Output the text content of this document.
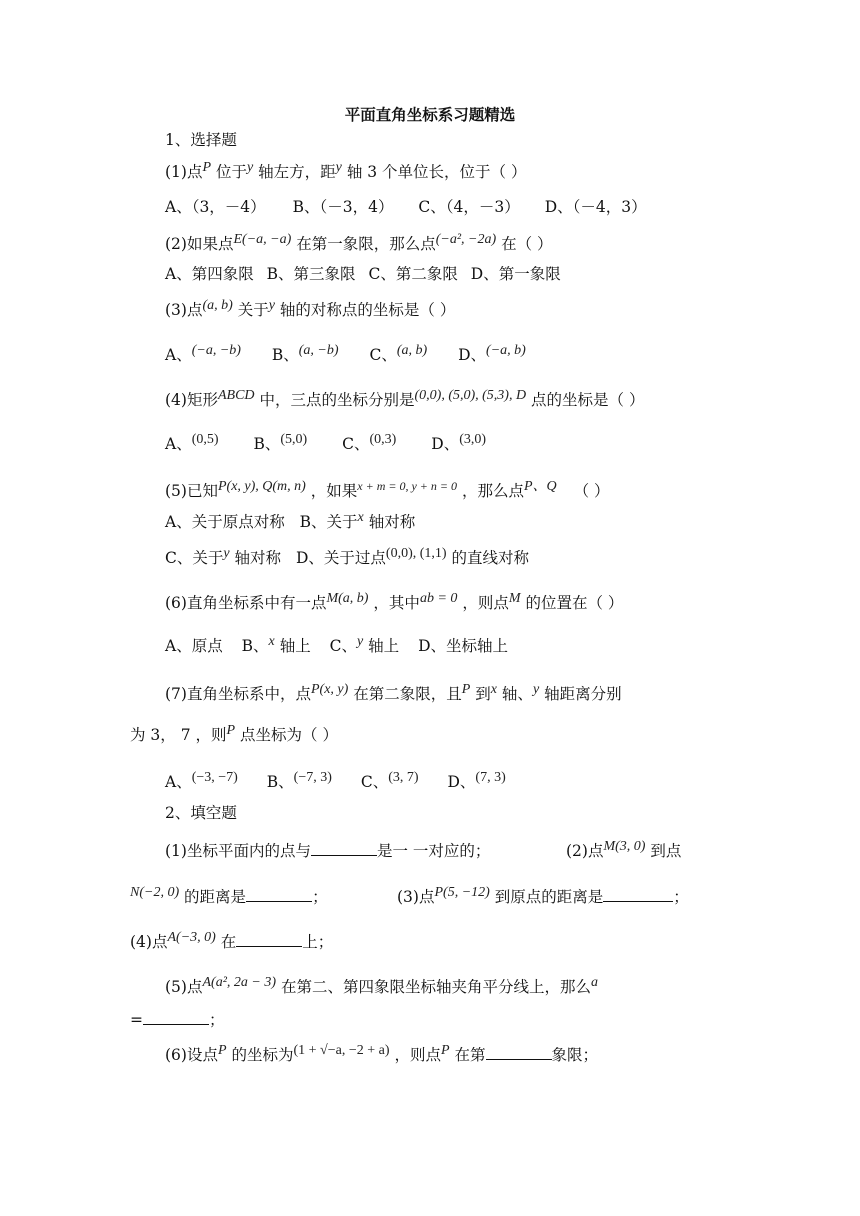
平面直角坐标系习题精选
1、选择题
(1)点P 位于y 轴左方，距y 轴 3 个单位长，位于（ ）
A、（3，－4） B、（－3，4） C、（4，－3） D、（－4，3）
(2)如果点E(−a, −a) 在第一象限，那么点(−a², −2a) 在（ ）
A、第四象限 B、第三象限 C、第二象限 D、第一象限
(3)点(a, b) 关于y 轴的对称点的坐标是（ ）
A、(−a, −b) B、(a, −b) C、(a, b) D、(−a, b)
(4)矩形ABCD 中，三点的坐标分别是(0,0), (5,0), (5,3), D 点的坐标是（ ）
A、(0,5) B、(5,0) C、(0,3) D、(3,0)
(5)已知P(x, y), Q(m, n) ，如果$^{x + m = 0, y + n = 0}$ ，那么点P、Q （ ）
A、关于原点对称 B、关于x 轴对称
C、关于y 轴对称 D、关于过点(0,0), (1,1) 的直线对称
(6)直角坐标系中有一点M(a, b) ，其中ab = 0 ，则点M 的位置在（ ）
A、原点 B、x 轴上 C、y 轴上 D、坐标轴上
(7)直角坐标系中，点P(x, y) 在第二象限，且P 到x 轴、y 轴距离分别
为 3， 7 ，则P 点坐标为（ ）
A、(−3, −7) B、(−7, 3) C、(3, 7) D、(7, 3)
2、填空题
(1)坐标平面内的点与	是一 一对应的；	(2)点M(3, 0) 到点
N(−2, 0) 的距离是	；	(3)点P(5, −12) 到原点的距离是	；
(4)点A(−3, 0) 在	上；
(5)点A(a², 2a − 3) 在第二、第四象限坐标轴夹角平分线上，那么a
=	；
(6)设点P 的坐标为(1 + √−a, −2 + a) ，则点P 在第	象限；
